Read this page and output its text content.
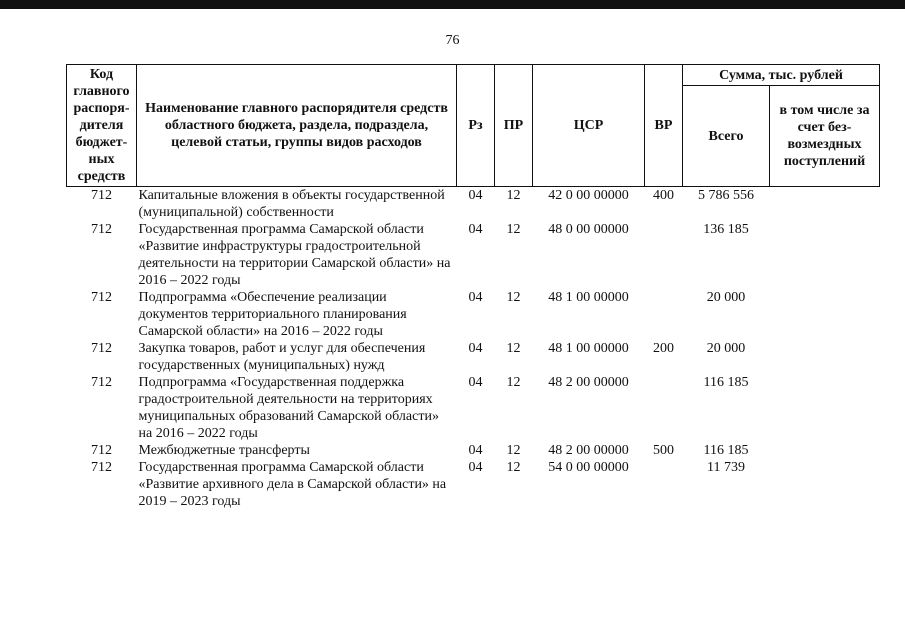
76
Код главного распоря-дителя бюджет-ных средств	Наименование главного распорядителя средств областного бюджета, раздела, подраздела, целевой статьи, группы видов расходов	Рз	ПР	ЦСР	ВР	Сумма, тыс. рублей	
						Всего	в том числе за счет без-возмездных поступлений
712	Капитальные вложения в объекты государственной (муниципальной) собственности	04	12	42 0 00 00000	400	5 786 556	
712	Государственная программа Самарской области «Развитие инфраструктуры градостроительной деятельности на территории Самарской области» на 2016 – 2022 годы	04	12	48 0 00 00000		136 185	
712	Подпрограмма «Обеспечение реализации документов территориального планирования Самарской области» на 2016 – 2022 годы	04	12	48 1 00 00000		20 000	
712	Закупка товаров, работ и услуг для обеспечения государственных (муниципальных) нужд	04	12	48 1 00 00000	200	20 000	
712	Подпрограмма «Государственная поддержка градостроительной деятельности на территориях муниципальных образований Самарской области» на 2016 – 2022 годы	04	12	48 2 00 00000		116 185	
712	Межбюджетные трансферты	04	12	48 2 00 00000	500	116 185	
712	Государственная программа Самарской области «Развитие архивного дела в Самарской области» на 2019 – 2023 годы	04	12	54 0 00 00000		11 739	
